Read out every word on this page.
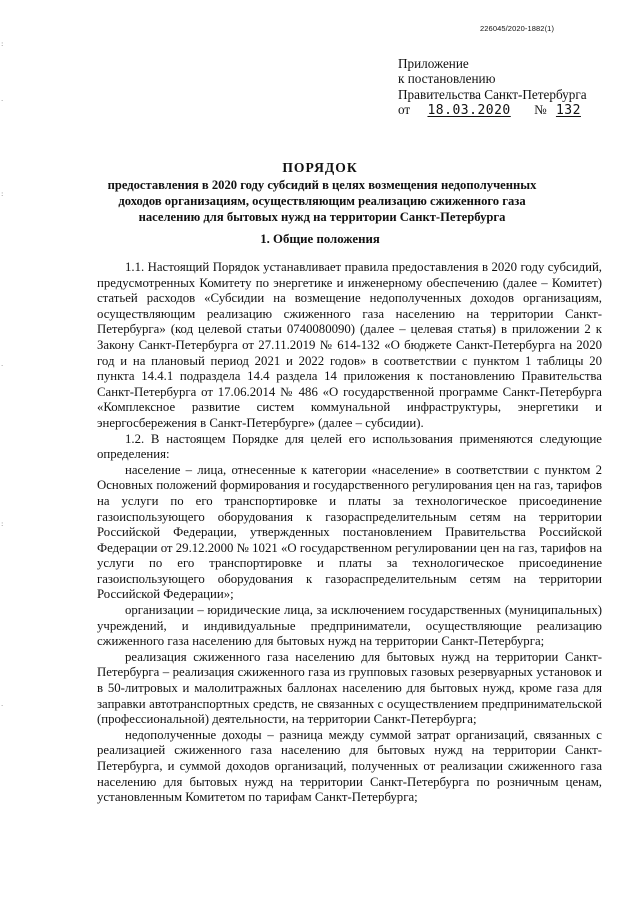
:
.
:
.
:
.
226045/2020-1882(1)
Приложение
к постановлению
Правительства Санкт-Петербурга
от 18.03.2020 № 132
ПОРЯДОК
предоставления в 2020 году субсидий в целях возмещения недополученных доходов организациям, осуществляющим реализацию сжиженного газа населению для бытовых нужд на территории Санкт-Петербурга
1. Общие положения

1.1. Настоящий Порядок устанавливает правила предоставления в 2020 году субсидий, предусмотренных Комитету по энергетике и инженерному обеспечению (далее – Комитет) статьей расходов «Субсидии на возмещение недополученных доходов организациям, осуществляющим реализацию сжиженного газа населению на территории Санкт-Петербурга» (код целевой статьи 0740080090) (далее – целевая статья) в приложении 2 к Закону Санкт-Петербурга от 27.11.2019 № 614-132 «О бюджете Санкт-Петербурга на 2020 год и на плановый период 2021 и 2022 годов» в соответствии с пунктом 1 таблицы 20 пункта 14.4.1 подраздела 14.4 раздела 14 приложения к постановлению Правительства Санкт-Петербурга от 17.06.2014 № 486 «О государственной программе Санкт-Петербурга «Комплексное развитие систем коммунальной инфраструктуры, энергетики и энергосбережения в Санкт-Петербурге» (далее – субсидии).

1.2. В настоящем Порядке для целей его использования применяются следующие определения:

население – лица, отнесенные к категории «население» в соответствии с пунктом 2 Основных положений формирования и государственного регулирования цен на газ, тарифов на услуги по его транспортировке и платы за технологическое присоединение газоиспользующего оборудования к газораспределительным сетям на территории Российской Федерации, утвержденных постановлением Правительства Российской Федерации от 29.12.2000 № 1021 «О государственном регулировании цен на газ, тарифов на услуги по его транспортировке и платы за технологическое присоединение газоиспользующего оборудования к газораспределительным сетям на территории Российской Федерации»;

организации – юридические лица, за исключением государственных (муниципальных) учреждений, и индивидуальные предприниматели, осуществляющие реализацию сжиженного газа населению для бытовых нужд на территории Санкт-Петербурга;

реализация сжиженного газа населению для бытовых нужд на территории Санкт-Петербурга – реализация сжиженного газа из групповых газовых резервуарных установок и в 50-литровых и малолитражных баллонах населению для бытовых нужд, кроме газа для заправки автотранспортных средств, не связанных с осуществлением предпринимательской (профессиональной) деятельности, на территории Санкт-Петербурга;

недополученные доходы – разница между суммой затрат организаций, связанных с реализацией сжиженного газа населению для бытовых нужд на территории Санкт-Петербурга, и суммой доходов организаций, полученных от реализации сжиженного газа населению для бытовых нужд на территории Санкт-Петербурга по розничным ценам, установленным Комитетом по тарифам Санкт-Петербурга;
